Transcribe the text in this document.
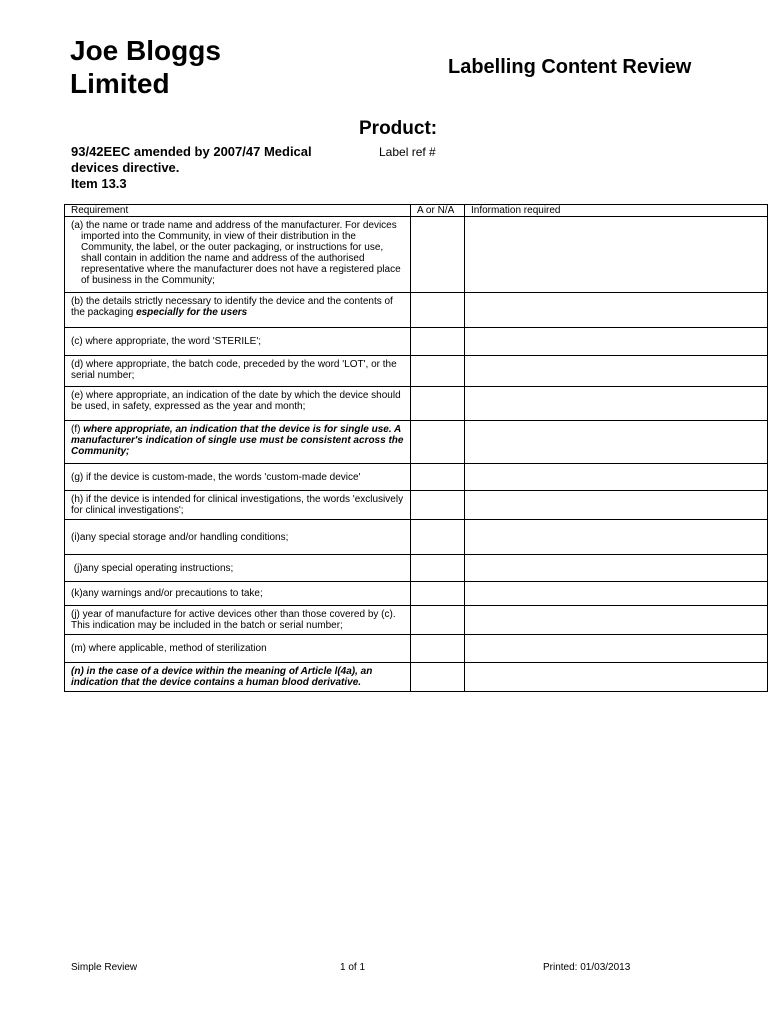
Joe Bloggs
Limited
Labelling Content Review
Product:
93/42EEC amended by 2007/47 Medical
devices directive.
Item 13.3
Label ref #
Requirement	A or N/A	Information required

(a) the name or trade name and address of the manufacturer. For devices imported into the Community, in view of their distribution in the Community, the label, or the outer packaging, or instructions for use, shall contain in addition the name and address of the authorised representative where the manufacturer does not have a registered place of business in the Community;		

(b) the details strictly necessary to identify the device and the contents of the packaging especially for the users		
(c) where appropriate, the word 'STERILE';		
(d) where appropriate, the batch code, preceded by the word 'LOT', or the serial number;		
(e) where appropriate, an indication of the date by which the device should be used, in safety, expressed as the year and month;		
(f) where appropriate, an indication that the device is for single use. A manufacturer's indication of single use must be consistent across the Community;		
(g) if the device is custom-made, the words 'custom-made device'		
(h) if the device is intended for clinical investigations, the words 'exclusively for clinical investigations';		
(i)any special storage and/or handling conditions;		
(j)any special operating instructions;		
(k)any warnings and/or precautions to take;		
(j) year of manufacture for active devices other than those covered by (c). This indication may be included in the batch or serial number;		
(m) where applicable, method of sterilization		
(n) in the case of a device within the meaning of Article l(4a), an indication that the device contains a human blood derivative.		
Simple Review	1 of 1	Printed: 01/03/2013
